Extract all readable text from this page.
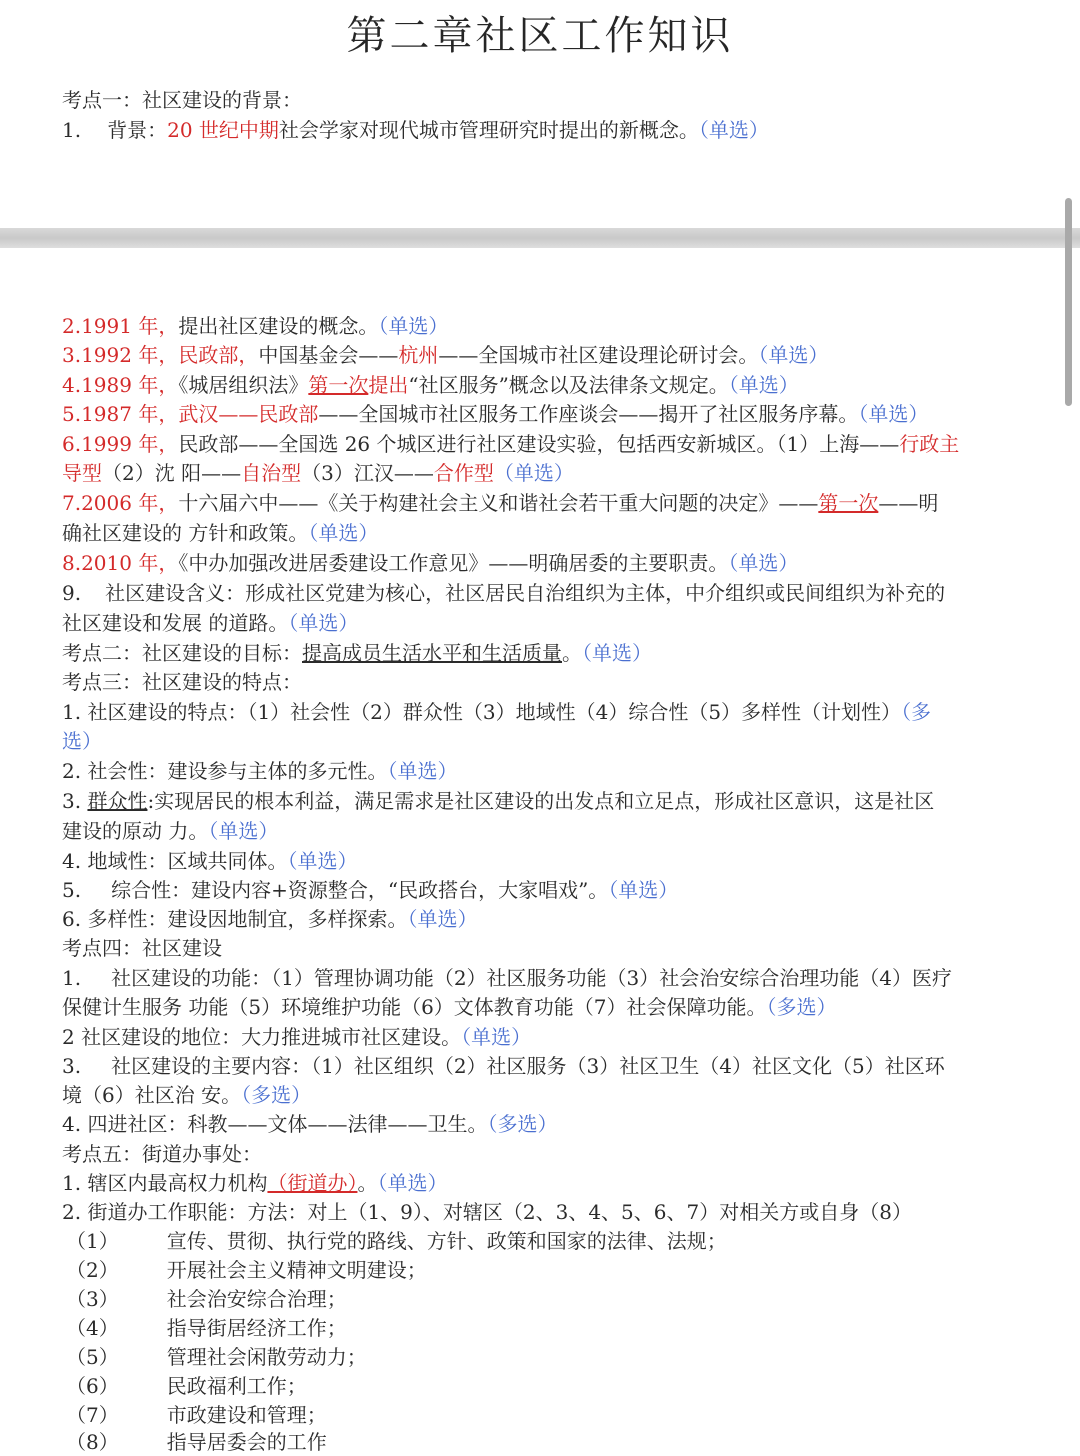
第二章社区工作知识
考点一：社区建设的背景：
1. 背景：20 世纪中期社会学家对现代城市管理研究时提出的新概念。（单选）
2.1991 年，提出社区建设的概念。（单选）
3.1992 年，民政部，中国基金会——杭州——全国城市社区建设理论研讨会。（单选）
4.1989 年，《城居组织法》第一次提出“社区服务”概念以及法律条文规定。（单选）
5.1987 年，武汉——民政部——全国城市社区服务工作座谈会——揭开了社区服务序幕。（单选）
6.1999 年，民政部——全国选 26 个城区进行社区建设实验，包括西安新城区。（1）上海——行政主
导型（2）沈 阳——自治型（3）江汉——合作型（单选）
7.2006 年，十六届六中——《关于构建社会主义和谐社会若干重大问题的决定》——第一次——明
确社区建设的 方针和政策。（单选）
8.2010 年，《中办加强改进居委建设工作意见》——明确居委的主要职责。（单选）
9. 社区建设含义：形成社区党建为核心，社区居民自治组织为主体，中介组织或民间组织为补充的
社区建设和发展 的道路。（单选）
考点二：社区建设的目标：提高成员生活水平和生活质量。（单选）
考点三：社区建设的特点：
1. 社区建设的特点：（1）社会性（2）群众性（3）地域性（4）综合性（5）多样性（计划性）（多
选）
2. 社会性：建设参与主体的多元性。（单选）
3. 群众性:实现居民的根本利益，满足需求是社区建设的出发点和立足点，形成社区意识，这是社区
建设的原动 力。（单选）
4. 地域性：区域共同体。（单选）
5. 综合性：建设内容+资源整合，“民政搭台，大家唱戏”。（单选）
6. 多样性：建设因地制宜，多样探索。（单选）
考点四：社区建设
1. 社区建设的功能：（1）管理协调功能（2）社区服务功能（3）社会治安综合治理功能（4）医疗
保健计生服务 功能（5）环境维护功能（6）文体教育功能（7）社会保障功能。（多选）
2 社区建设的地位：大力推进城市社区建设。（单选）
3. 社区建设的主要内容：（1）社区组织（2）社区服务（3）社区卫生（4）社区文化（5）社区环
境（6）社区治 安。（多选）
4. 四进社区：科教——文体——法律——卫生。（多选）
考点五：街道办事处：
1. 辖区内最高权力机构（街道办）。（单选）
2. 街道办工作职能：方法：对上（1、9）、对辖区（2、3、4、5、6、7）对相关方或自身（8）
（1） 宣传、贯彻、执行党的路线、方针、政策和国家的法律、法规；
（2） 开展社会主义精神文明建设；
（3） 社会治安综合治理；
（4） 指导街居经济工作；
（5） 管理社会闲散劳动力；
（6） 民政福利工作；
（7） 市政建设和管理；
（8） 指导居委会的工作
